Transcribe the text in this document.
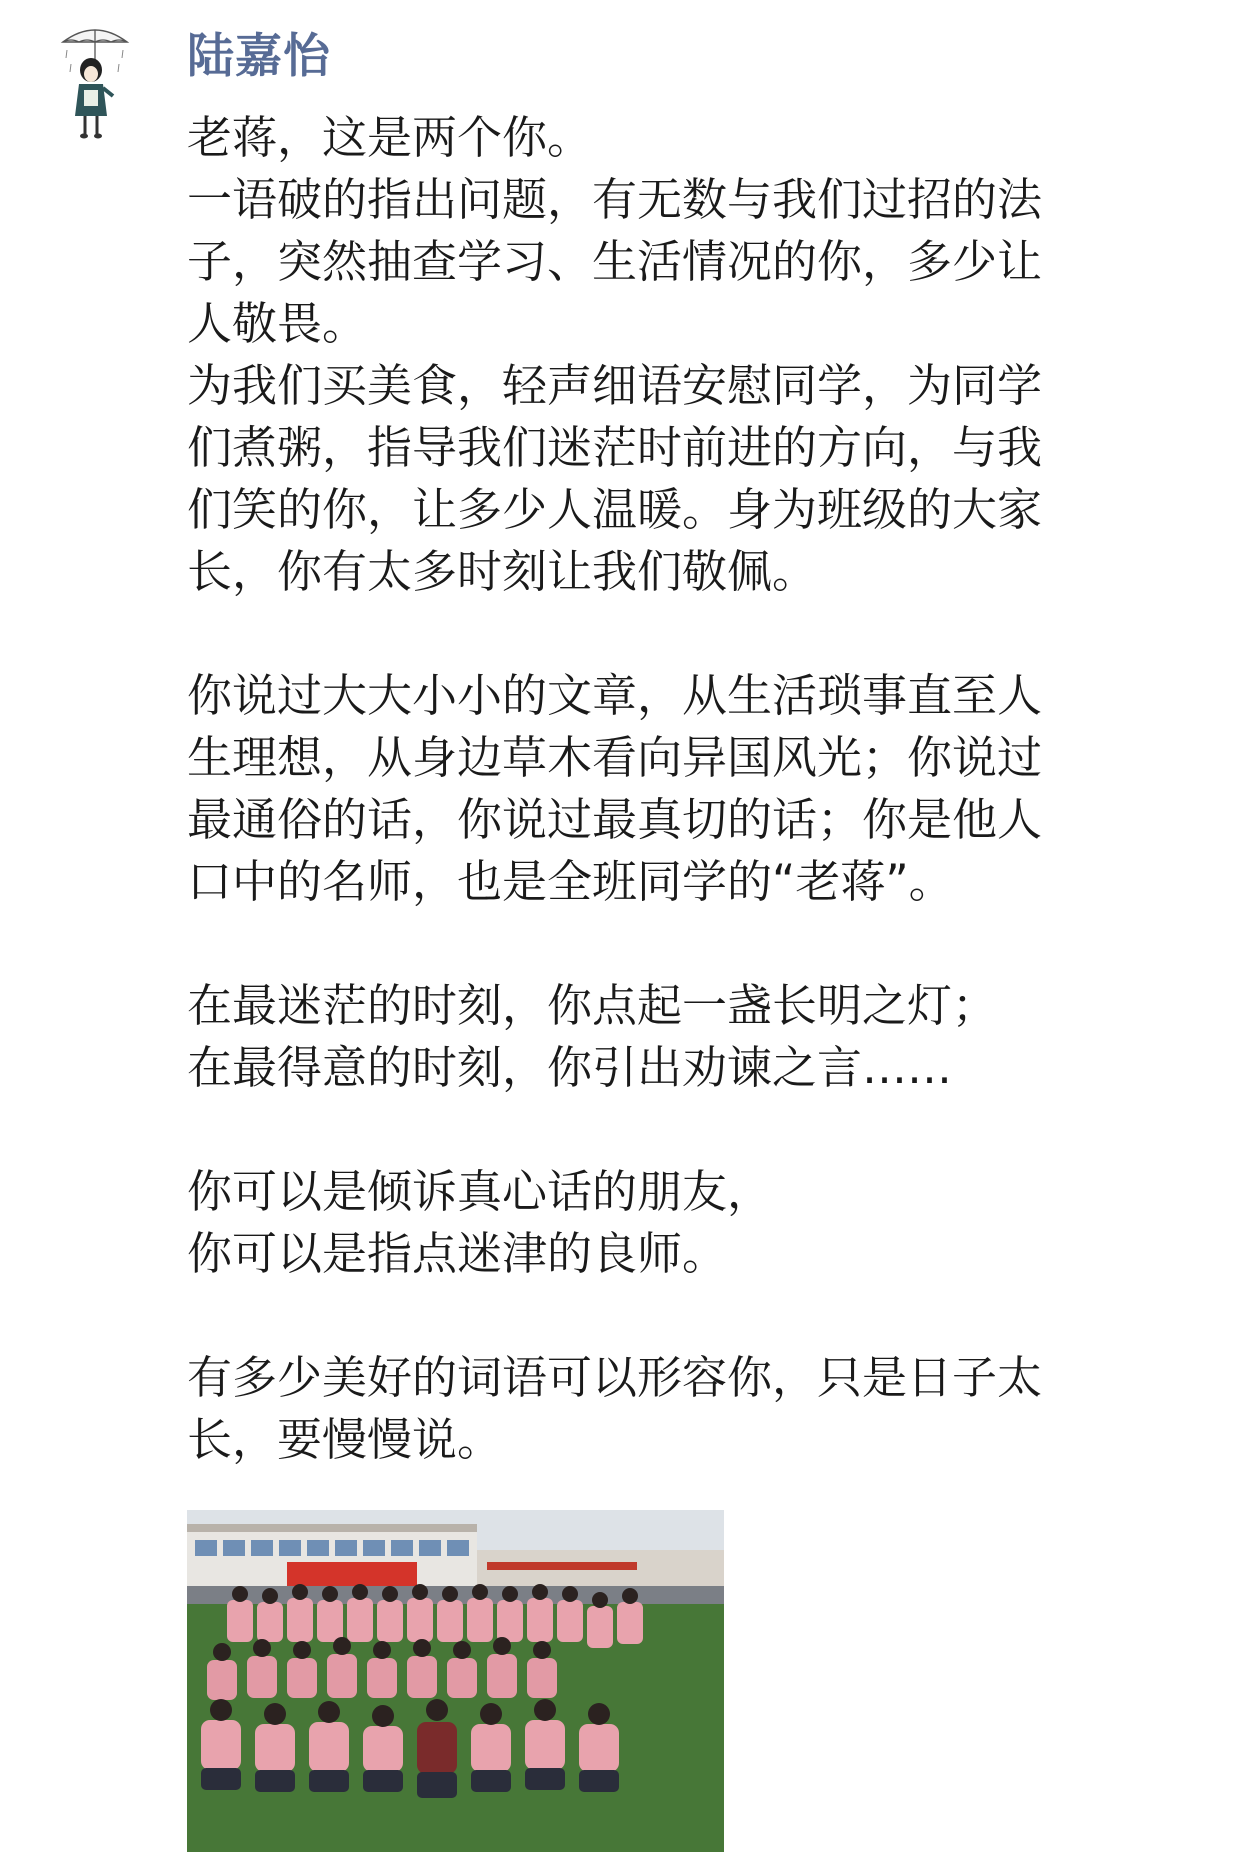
陆嘉怡
老蒋，这是两个你。
一语破的指出问题，有无数与我们过招的法
子，突然抽查学习、生活情况的你，多少让
人敬畏。
为我们买美食，轻声细语安慰同学，为同学
们煮粥，指导我们迷茫时前进的方向，与我
们笑的你，让多少人温暖。身为班级的大家
长，你有太多时刻让我们敬佩。
你说过大大小小的文章，从生活琐事直至人
生理想，从身边草木看向异国风光；你说过
最通俗的话，你说过最真切的话；你是他人
口中的名师，也是全班同学的“老蒋”。
在最迷茫的时刻，你点起一盏长明之灯；
在最得意的时刻，你引出劝谏之言……
你可以是倾诉真心话的朋友，
你可以是指点迷津的良师。
有多少美好的词语可以形容你，只是日子太
长，要慢慢说。
